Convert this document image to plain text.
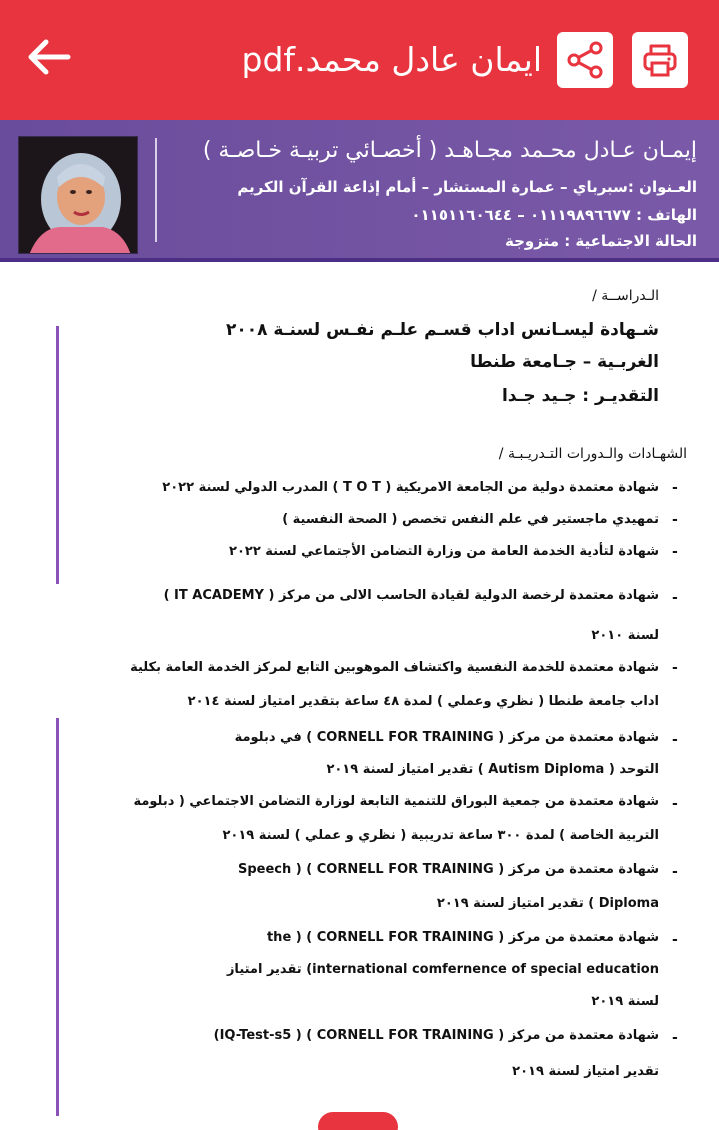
ايمان عادل محمد.pdf
إيمـان عـادل محـمد مجـاهـد ( أخصـائي تربيـة خـاصـة )
العـنوان :سبرباي – عمارة المستشار – أمام إذاعة القرآن الكريم
الهاتف : ٠١١١٩٨٩٦٦٧٧ – ٠١١٥١١٦٠٦٤٤
الحالة الاجتماعية : متزوجة
الـدراســة /
شـهادة ليسـانس اداب قسـم علـم نفـس لسنـة ٢٠٠٨
الغربـية – جـامعة طنطا
التقديـر : جـيد جـدا
الشهـادات والـدورات التـدريـبـة /
-
شهادة معتمدة دولية من الجامعة الامريكية ( T O T ) المدرب الدولي لسنة ٢٠٢٢
-
تمهيدي ماجستير في علم النفس تخصص ( الصحة النفسية )
-
شهادة لتأدية الخدمة العامة من وزارة التضامن الأجتماعي لسنة ٢٠٢٢
-
شهادة معتمدة لرخصة الدولية لقيادة الحاسب الالى من مركز ( IT ACADEMY )
لسنة ٢٠١٠
-
شهادة معتمدة للخدمة النفسية واكتشاف الموهوبين التابع لمركز الخدمة العامة بكلية
اداب جامعة طنطا ( نظري وعملي ) لمدة ٤٨ ساعة بتقدير امتياز لسنة ٢٠١٤
-
شهادة معتمدة من مركز ( CORNELL FOR TRAINING ) في دبلومة
التوحد ( Autism Diploma ) تقدير امتياز لسنة ٢٠١٩
-
شهادة معتمدة من جمعية البوراق للتنمية التابعة لوزارة التضامن الاجتماعي ( دبلومة
التربية الخاصة ) لمدة ٣٠٠ ساعة تدريبية ( نظري و عملي ) لسنة ٢٠١٩
-
شهادة معتمدة من مركز ( CORNELL FOR TRAINING ) ( Speech
Diploma ) تقدير امتياز لسنة ٢٠١٩
-
شهادة معتمدة من مركز ( CORNELL FOR TRAINING ) ( the
international comfernence of special education) تقدير امتياز
لسنة ٢٠١٩
-
شهادة معتمدة من مركز ( CORNELL FOR TRAINING ) ( IQ-Test-s5)
تقدير امتياز لسنة ٢٠١٩
